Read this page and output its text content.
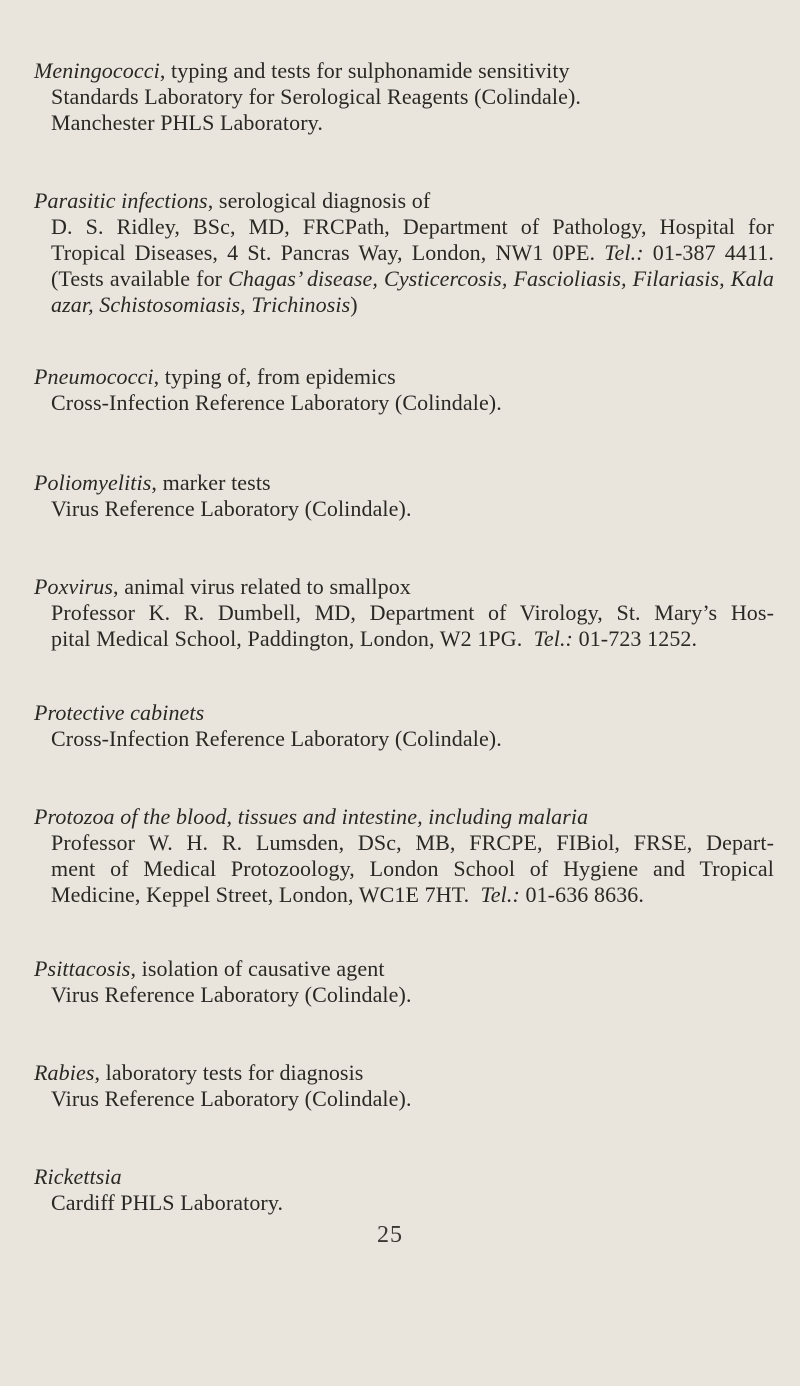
Meningococci, typing and tests for sulphonamide sensitivity
Standards Laboratory for Serological Reagents (Colindale).
Manchester PHLS Laboratory.
Parasitic infections, serological diagnosis of
D. S. Ridley, BSc, MD, FRCPath, Department of Pathology, Hospital for
Tropical Diseases, 4 St. Pancras Way, London, NW1 0PE. Tel.: 01-387 4411.
(Tests available for Chagas’ disease, Cysticercosis, Fascioliasis, Filariasis, Kala
azar, Schistosomiasis, Trichinosis)
Pneumococci, typing of, from epidemics
Cross-Infection Reference Laboratory (Colindale).
Poliomyelitis, marker tests
Virus Reference Laboratory (Colindale).
Poxvirus, animal virus related to smallpox
Professor K. R. Dumbell, MD, Department of Virology, St. Mary’s Hos-
pital Medical School, Paddington, London, W2 1PG. Tel.: 01-723 1252.
Protective cabinets
Cross-Infection Reference Laboratory (Colindale).
Protozoa of the blood, tissues and intestine, including malaria
Professor W. H. R. Lumsden, DSc, MB, FRCPE, FIBiol, FRSE, Depart-
ment of Medical Protozoology, London School of Hygiene and Tropical
Medicine, Keppel Street, London, WC1E 7HT. Tel.: 01-636 8636.
Psittacosis, isolation of causative agent
Virus Reference Laboratory (Colindale).
Rabies, laboratory tests for diagnosis
Virus Reference Laboratory (Colindale).
Rickettsia
Cardiff PHLS Laboratory.
25
